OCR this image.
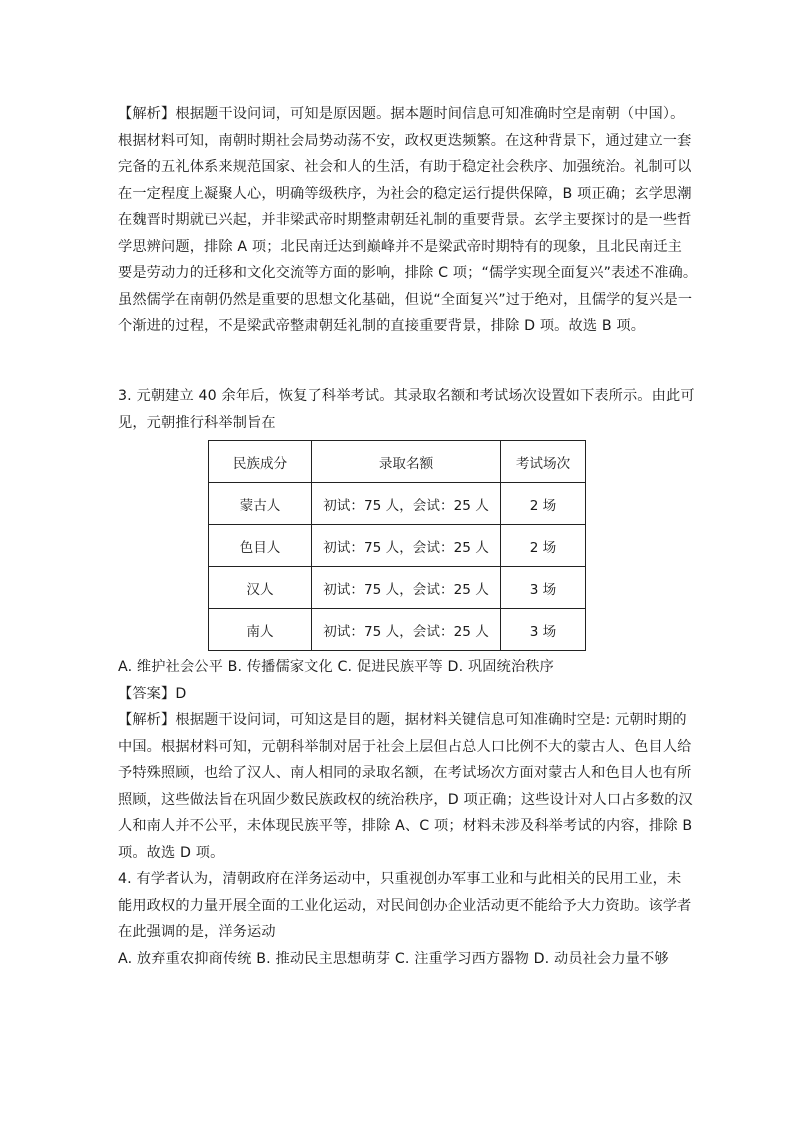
【解析】根据题干设问词，可知是原因题。据本题时间信息可知准确时空是南朝（中国）。
根据材料可知，南朝时期社会局势动荡不安，政权更迭频繁。在这种背景下，通过建立一套
完备的五礼体系来规范国家、社会和人的生活，有助于稳定社会秩序、加强统治。礼制可以
在一定程度上凝聚人心，明确等级秩序，为社会的稳定运行提供保障，B 项正确；玄学思潮
在魏晋时期就已兴起，并非梁武帝时期整肃朝廷礼制的重要背景。玄学主要探讨的是一些哲
学思辨问题，排除 A 项；北民南迁达到巅峰并不是梁武帝时期特有的现象，且北民南迁主
要是劳动力的迁移和文化交流等方面的影响，排除 C 项；“儒学实现全面复兴”表述不准确。
虽然儒学在南朝仍然是重要的思想文化基础，但说“全面复兴”过于绝对，且儒学的复兴是一
个渐进的过程，不是梁武帝整肃朝廷礼制的直接重要背景，排除 D 项。故选 B 项。
3. 元朝建立 40 余年后，恢复了科举考试。其录取名额和考试场次设置如下表所示。由此可
见，元朝推行科举制旨在
民族成分	录取名额	考试场次
蒙古人	初试：75 人，会试：25 人	2 场
色目人	初试：75 人，会试：25 人	2 场
汉人	初试：75 人，会试：25 人	3 场
南人	初试：75 人，会试：25 人	3 场
A. 维护社会公平 B. 传播儒家文化 C. 促进民族平等 D. 巩固统治秩序
【答案】D
【解析】根据题干设问词，可知这是目的题，据材料关键信息可知准确时空是: 元朝时期的
中国。根据材料可知，元朝科举制对居于社会上层但占总人口比例不大的蒙古人、色目人给
予特殊照顾，也给了汉人、南人相同的录取名额，在考试场次方面对蒙古人和色目人也有所
照顾，这些做法旨在巩固少数民族政权的统治秩序，D 项正确；这些设计对人口占多数的汉
人和南人并不公平，未体现民族平等，排除 A、C 项；材料未涉及科举考试的内容，排除 B
项。故选 D 项。
4. 有学者认为，清朝政府在洋务运动中，只重视创办军事工业和与此相关的民用工业，未
能用政权的力量开展全面的工业化运动，对民间创办企业活动更不能给予大力资助。该学者
在此强调的是，洋务运动
A. 放弃重农抑商传统 B. 推动民主思想萌芽 C. 注重学习西方器物 D. 动员社会力量不够
